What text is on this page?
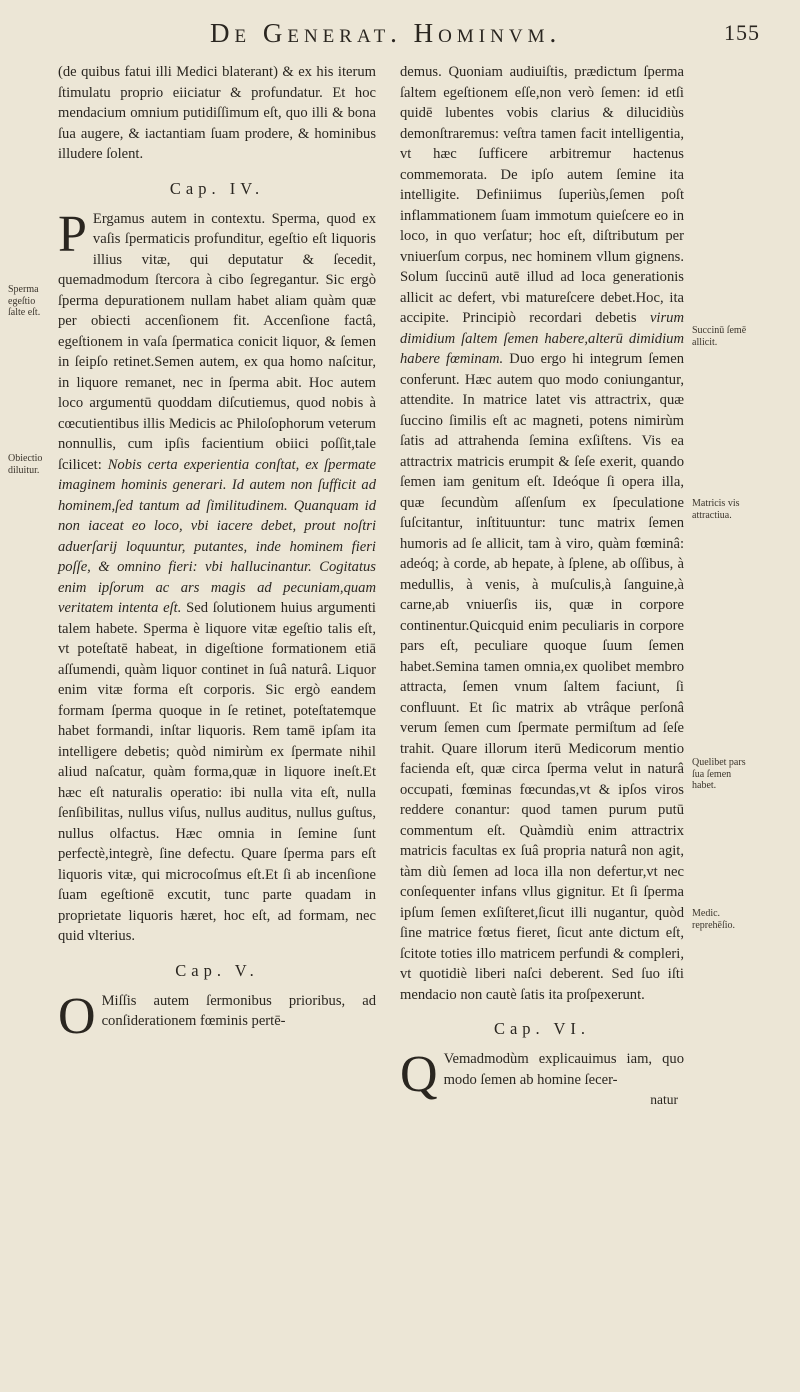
De Generat. Hominvm.	155
Sperma egeſtio ſalte eſt.
Obiectio diluitur.
Succinū ſemē allicit.
Matricis vis attractiua.
Quelibet pars ſua ſemen habet.
Medic. reprehēſio.

(de quibus fatui illi Medici blaterant) & ex his iterum ſtimulatu proprio eiiciatur & profundatur. Et hoc mendacium omnium putidiſſimum eſt, quo illi & bona ſua augere, & iactantiam ſuam prodere, & hominibus illudere ſolent.

Cap. IV.

P Ergamus autem in contextu. Sperma, quod ex vaſis ſpermaticis profunditur, egeſtio eſt liquoris illius vitæ, qui deputatur & ſecedit, quemadmodum ſtercora à cibo ſegregantur. Sic ergò ſperma depurationem nullam habet aliam quàm quæ per obiecti accenſionem fit. Accenſione factâ, egeſtionem in vaſa ſpermatica conicit liquor, & ſemen in ſeipſo retinet.Semen autem, ex qua homo naſcitur, in liquore remanet, nec in ſperma abit. Hoc autem loco argumentū quoddam diſcutiemus, quod nobis à cœcutientibus illis Medicis ac Philoſophorum veterum nonnullis, cum ipſis facientium obiici poſſit,tale ſcilicet: Nobis certa experientia conſtat, ex ſpermate imaginem hominis generari. Id autem non ſufficit ad hominem,ſed tantum ad ſimilitudinem. Quanquam id non iaceat eo loco, vbi iacere debet, prout noſtri aduerſarij loquuntur, putantes, inde hominem fieri poſſe, & omnino fieri: vbi hallucinantur. Cogitatus enim ipſorum ac ars magis ad pecuniam,quam veritatem intenta eſt. Sed ſolutionem huius argumenti talem habete. Sperma è liquore vitæ egeſtio talis eſt, vt poteſtatē habeat, in digeſtione formationem etiā aſſumendi, quàm liquor continet in ſuâ naturâ. Liquor enim vitæ forma eſt corporis. Sic ergò eandem formam ſperma quoque in ſe retinet, poteſtatemque habet formandi, inſtar liquoris. Rem tamē ipſam ita intelligere debetis; quòd nimirùm ex ſpermate nihil aliud naſcatur, quàm forma,quæ in liquore ineſt.Et hæc eſt naturalis operatio: ibi nulla vita eſt, nulla ſenſibilitas, nullus viſus, nullus auditus, nullus guſtus, nullus olfactus. Hæc omnia in ſemine ſunt perfectè,integrè, ſine defectu. Quare ſperma pars eſt liquoris vitæ, qui microcoſmus eſt.Et ſi ab incenſione ſuam egeſtionē excutit, tunc parte quadam in proprietate liquoris hæret, hoc eſt, ad formam, nec quid vlterius.

Cap. V.

O Miſſis autem ſermonibus prioribus, ad conſiderationem fœminis pertē-

demus. Quoniam audiuiſtis, prædictum ſperma ſaltem egeſtionem eſſe,non verò ſemen: id etſi quidē lubentes vobis clarius & dilucidiùs demonſtraremus: veſtra tamen facit intelligentia, vt hæc ſufficere arbitremur hactenus commemorata. De ipſo autem ſemine ita intelligite. Definiimus ſuperiùs,ſemen poſt inflammationem ſuam immotum quieſcere eo in loco, in quo verſatur; hoc eſt, diſtributum per vniuerſum corpus, nec hominem vllum gignens. Solum ſuccinū autē illud ad loca generationis allicit ac defert, vbi matureſcere debet.Hoc, ita accipite. Principiò recordari debetis virum dimidium ſaltem ſemen habere,alterū dimidium habere fœminam. Duo ergo hi integrum ſemen conferunt. Hæc autem quo modo coniungantur, attendite. In matrice latet vis attractrix, quæ ſuccino ſimilis eſt ac magneti, potens nimirùm ſatis ad attrahenda ſemina exſiſtens. Vis ea attractrix matricis erumpit & ſeſe exerit, quando ſemen iam genitum eſt. Ideóque ſi opera illa, quæ ſecundùm aſſenſum ex ſpeculatione ſuſcitantur, inſtituuntur: tunc matrix ſemen humoris ad ſe allicit, tam à viro, quàm fœminâ: adeóq; à corde, ab hepate, à ſplene, ab oſſibus, à medullis, à venis, à muſculis,à ſanguine,à carne,ab vniuerſis iis, quæ in corpore continentur.Quicquid enim peculiaris in corpore pars eſt, peculiare quoque ſuum ſemen habet.Semina tamen omnia,ex quolibet membro attracta, ſemen vnum ſaltem faciunt, ſi confluunt. Et ſic matrix ab vtrâque perſonâ verum ſemen cum ſpermate permiſtum ad ſeſe trahit. Quare illorum iterū Medicorum mentio facienda eſt, quæ circa ſperma velut in naturâ occupati, fœminas fœcundas,vt & ipſos viros reddere conantur: quod tamen purum putū commentum eſt. Quàmdiù enim attractrix matricis facultas ex ſuâ propria naturâ non agit, tàm diù ſemen ad loca illa non defertur,vt nec conſequenter infans vllus gignitur. Et ſi ſperma ipſum ſemen exſiſteret,ſicut illi nugantur, quòd ſine matrice fœtus fieret, ſicut ante dictum eſt, ſcitote toties illo matricem perfundi & compleri, vt quotidiè liberi naſci deberent. Sed ſuo iſti mendacio non cautè ſatis ita proſpexerunt.

Cap. VI.

Q Vemadmodùm explicauimus iam, quo modo ſemen ab homine ſecer-

natur
